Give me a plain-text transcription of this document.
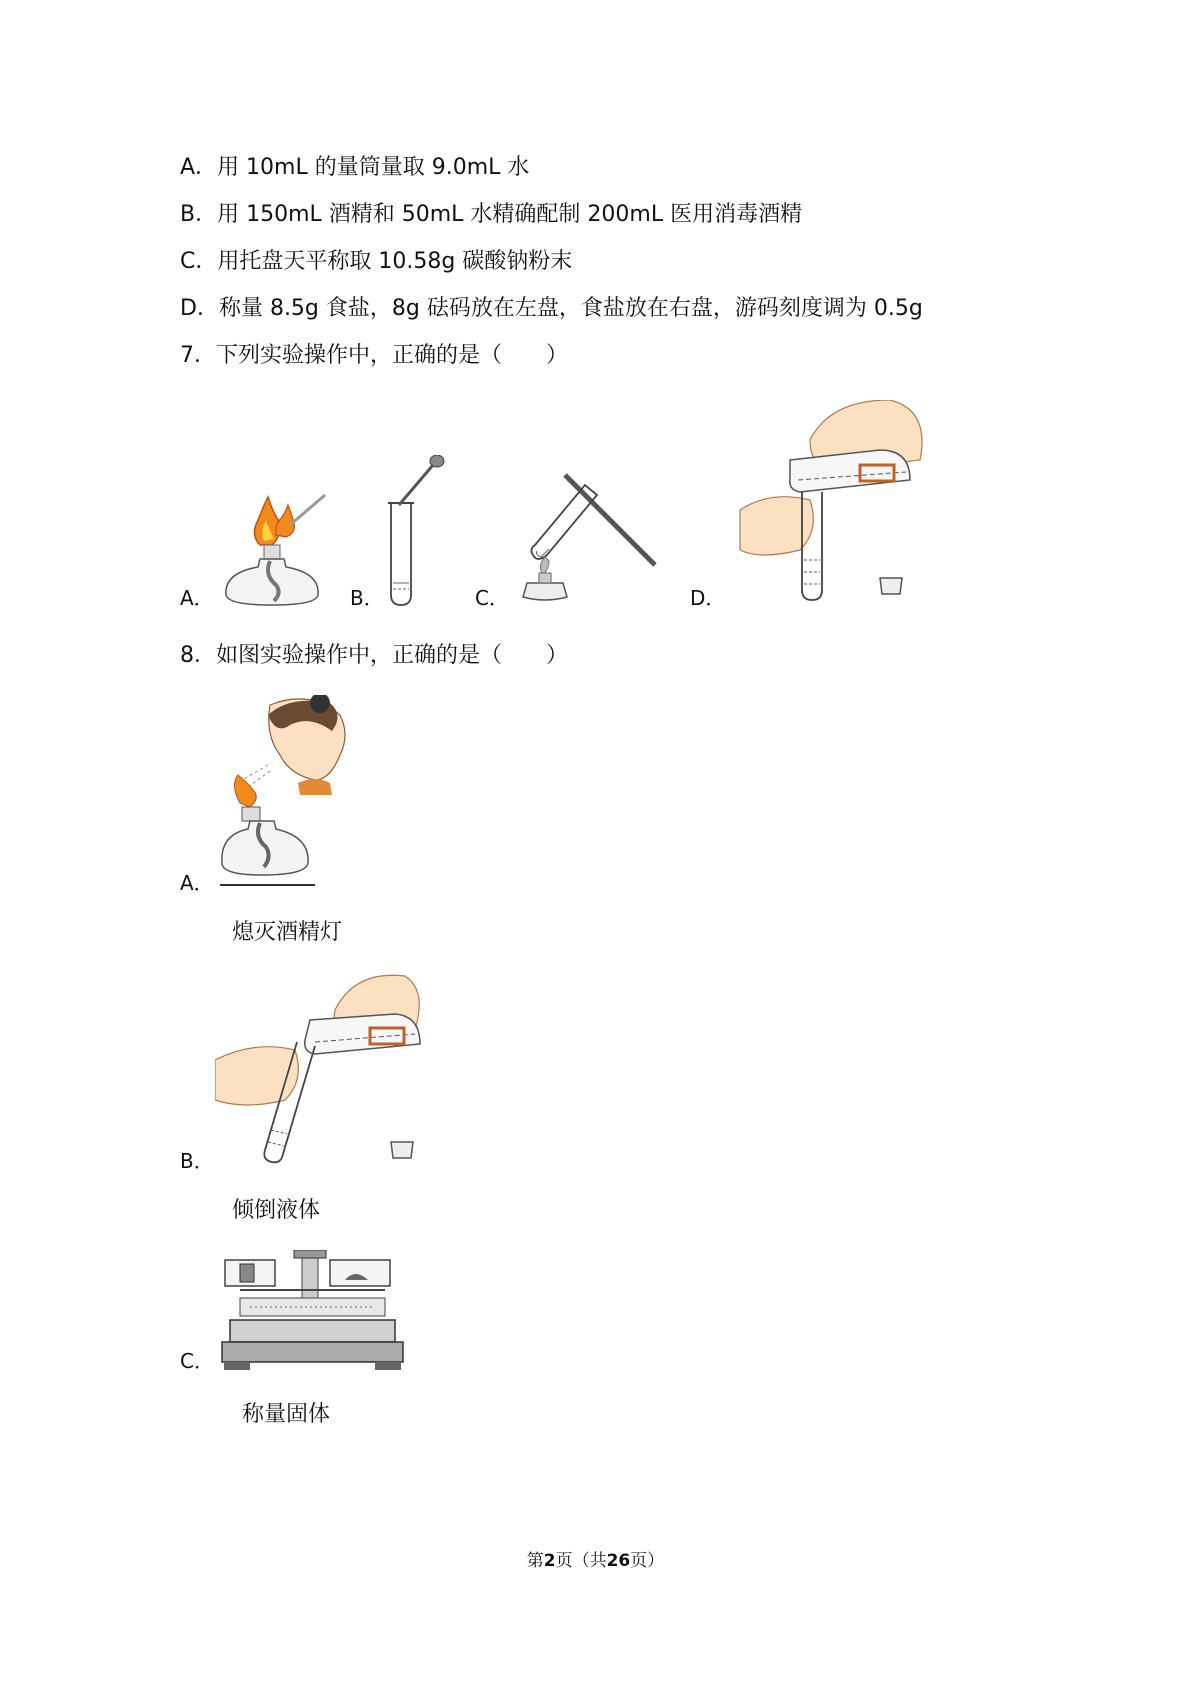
A．用 10mL 的量筒量取 9.0mL 水
B．用 150mL 酒精和 50mL 水精确配制 200mL 医用消毒酒精
C．用托盘天平称取 10.58g 碳酸钠粉末
D．称量 8.5g 食盐，8g 砝码放在左盘，食盐放在右盘，游码刻度调为 0.5g
7．下列实验操作中，正确的是（　　）
A．	B．	C．	D．
8．如图实验操作中，正确的是（　　）
A．
熄灭酒精灯
B．
倾倒液体
C．
称量固体
第2页（共26页）
